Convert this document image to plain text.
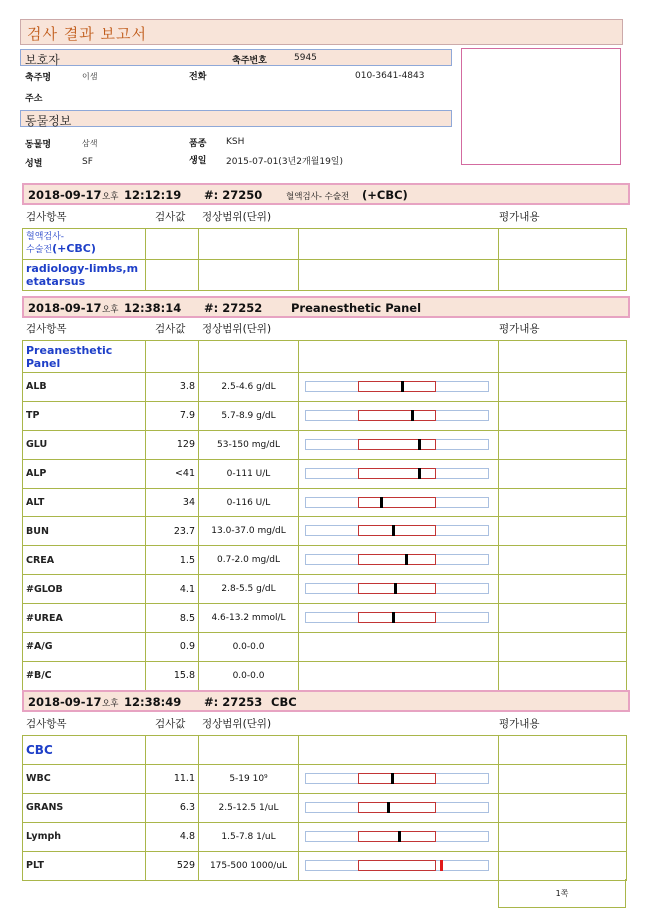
검사 결과 보고서
보호자	축주번호	5945
축주명	이샘	전화	010-3641-4843
주소
동물정보
동물명	삼색	품종 KSH
성별	SF	생일 2015-07-01(3년2개월19일)
2018-09-17 오후 12:12:19 #: 27250	혈액검사- 수술전 (+CBC)
검사항목	검사값 정상범위(단위)	평가내용
혈액검사-
수술전(+CBC)				

radiology-limbs,m
etatarsus				

2018-09-17 오후 12:38:14 #: 27252	Preanesthetic Panel
검사항목	검사값 정상범위(단위)	평가내용
Preanesthetic
Panel				

ALB	3.8	2.5-4.6 g/dL	

TP	7.9	5.7-8.9 g/dL	

GLU	129	53-150 mg/dL	

ALP	<41	0-111 U/L	

ALT	34	0-116 U/L	

BUN	23.7	13.0-37.0 mg/dL	

CREA	1.5	0.7-2.0 mg/dL	

#GLOB	4.1	2.8-5.5 g/dL	

#UREA	8.5	4.6-13.2 mmol/L	

#A/G	0.9	0.0-0.0		
#B/C	15.8	0.0-0.0		
2018-09-17 오후 12:38:49 #: 27253 CBC
검사항목	검사값 정상범위(단위)	평가내용
CBC				

WBC	11.1	5-19 10⁹	

GRANS	6.3	2.5-12.5 1/uL	

Lymph	4.8	1.5-7.8 1/uL	

PLT	529	175-500 1000/uL	

1쪽
